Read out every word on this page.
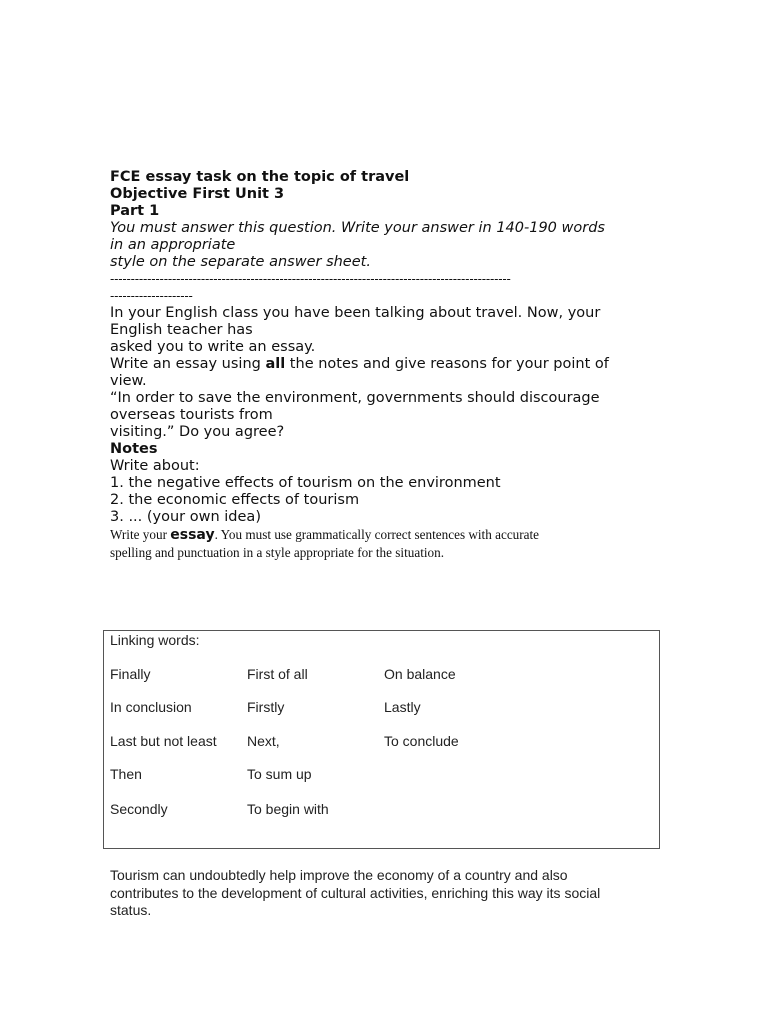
FCE essay task on the topic of travel
Objective First Unit 3
Part 1
You must answer this question. Write your answer in 140-190 words
in an appropriate
style on the separate answer sheet.
-------------------------------------------------------------------------------------------------
--------------------
In your English class you have been talking about travel. Now, your
English teacher has
asked you to write an essay.
Write an essay using all the notes and give reasons for your point of
view.
“In order to save the environment, governments should discourage
overseas tourists from
visiting.” Do you agree?
Notes
Write about:
1. the negative effects of tourism on the environment
2. the economic effects of tourism
3. ... (your own idea)
Write your essay. You must use grammatically correct sentences with accurate
spelling and punctuation in a style appropriate for the situation.
Linking words:
Finally
In conclusion
Last but not least
Then
Secondly
First of all
Firstly
Next,
To sum up
To begin with
On balance
Lastly
To conclude
Tourism can undoubtedly help improve the economy of a country and also
contributes to the development of cultural activities, enriching this way its social
status.
